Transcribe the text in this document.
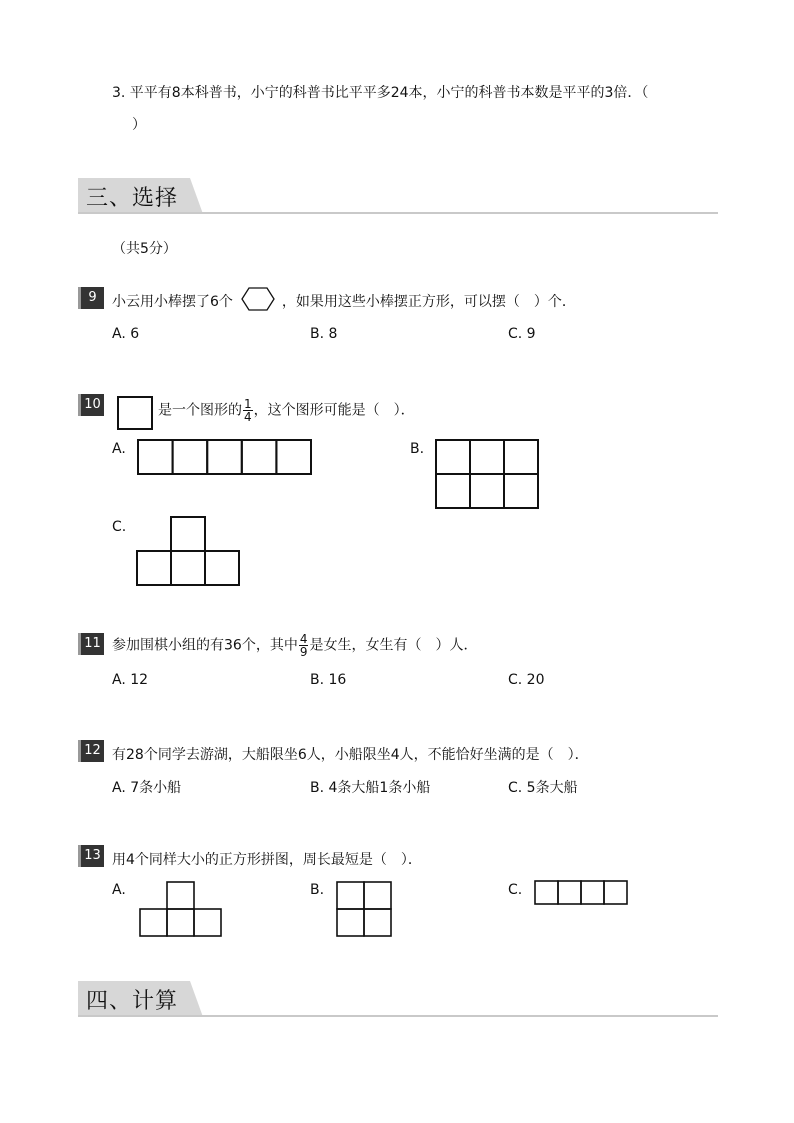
3. 平平有8本科普书，小宁的科普书比平平多24本，小宁的科普书本数是平平的3倍．（
）
三、选择
（共5分）
9	小云用小棒摆了6个	，如果用这些小棒摆正方形，可以摆（　）个．
A. 6	B. 8	C. 9
10	是一个图形的 $\frac{1}{4}$ ，这个图形可能是（　）．
A.	B.
C.
11 参加围棋小组的有36个，其中 $\frac{4}{9}$ 是女生，女生有（　）人．
A. 12	B. 16	C. 20
12 有28个同学去游湖，大船限坐6人，小船限坐4人，不能恰好坐满的是（　）．
A. 7条小船	B. 4条大船1条小船	C. 5条大船
13 用4个同样大小的正方形拼图，周长最短是（　）．
A.	B.	C.
四、计算
